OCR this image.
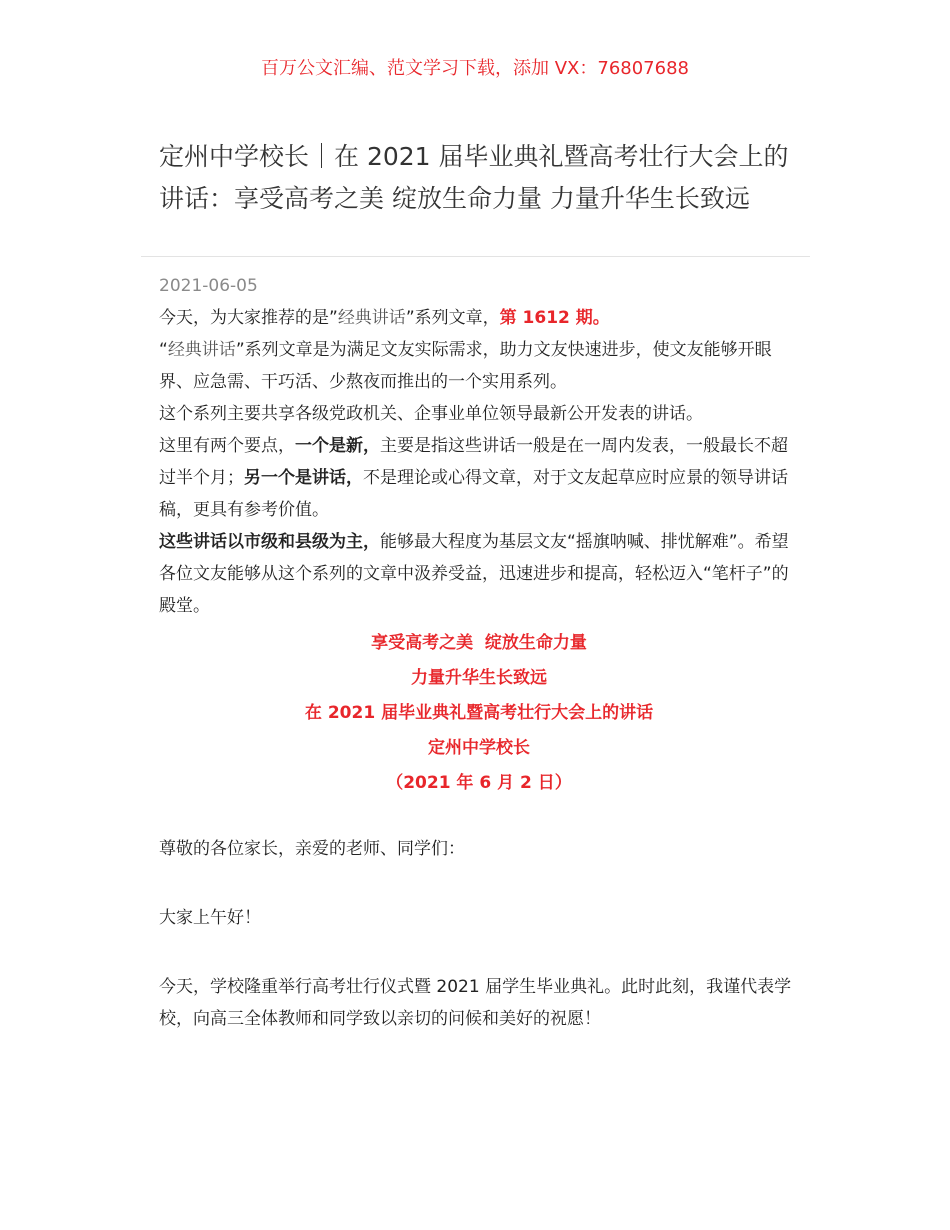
百万公文汇编、范文学习下载，添加 VX：76807688
定州中学校长｜在 2021 届毕业典礼暨高考壮行大会上的讲话：享受高考之美 绽放生命力量 力量升华生长致远
2021-06-05

今天，为大家推荐的是”经典讲话”系列文章，第 1612 期。

“经典讲话”系列文章是为满足文友实际需求，助力文友快速进步，使文友能够开眼界、应急需、干巧活、少熬夜而推出的一个实用系列。

这个系列主要共享各级党政机关、企事业单位领导最新公开发表的讲话。

这里有两个要点，一个是新，主要是指这些讲话一般是在一周内发表，一般最长不超过半个月；另一个是讲话，不是理论或心得文章，对于文友起草应时应景的领导讲话稿，更具有参考价值。

这些讲话以市级和县级为主，能够最大程度为基层文友“摇旗呐喊、排忧解难”。希望各位文友能够从这个系列的文章中汲养受益，迅速进步和提高，轻松迈入“笔杆子”的殿堂。

享受高考之美  绽放生命力量
力量升华生长致远
在 2021 届毕业典礼暨高考壮行大会上的讲话
定州中学校长
（2021 年 6 月 2 日）

尊敬的各位家长，亲爱的老师、同学们：

大家上午好！

今天，学校隆重举行高考壮行仪式暨 2021 届学生毕业典礼。此时此刻，我谨代表学校，向高三全体教师和同学致以亲切的问候和美好的祝愿！
